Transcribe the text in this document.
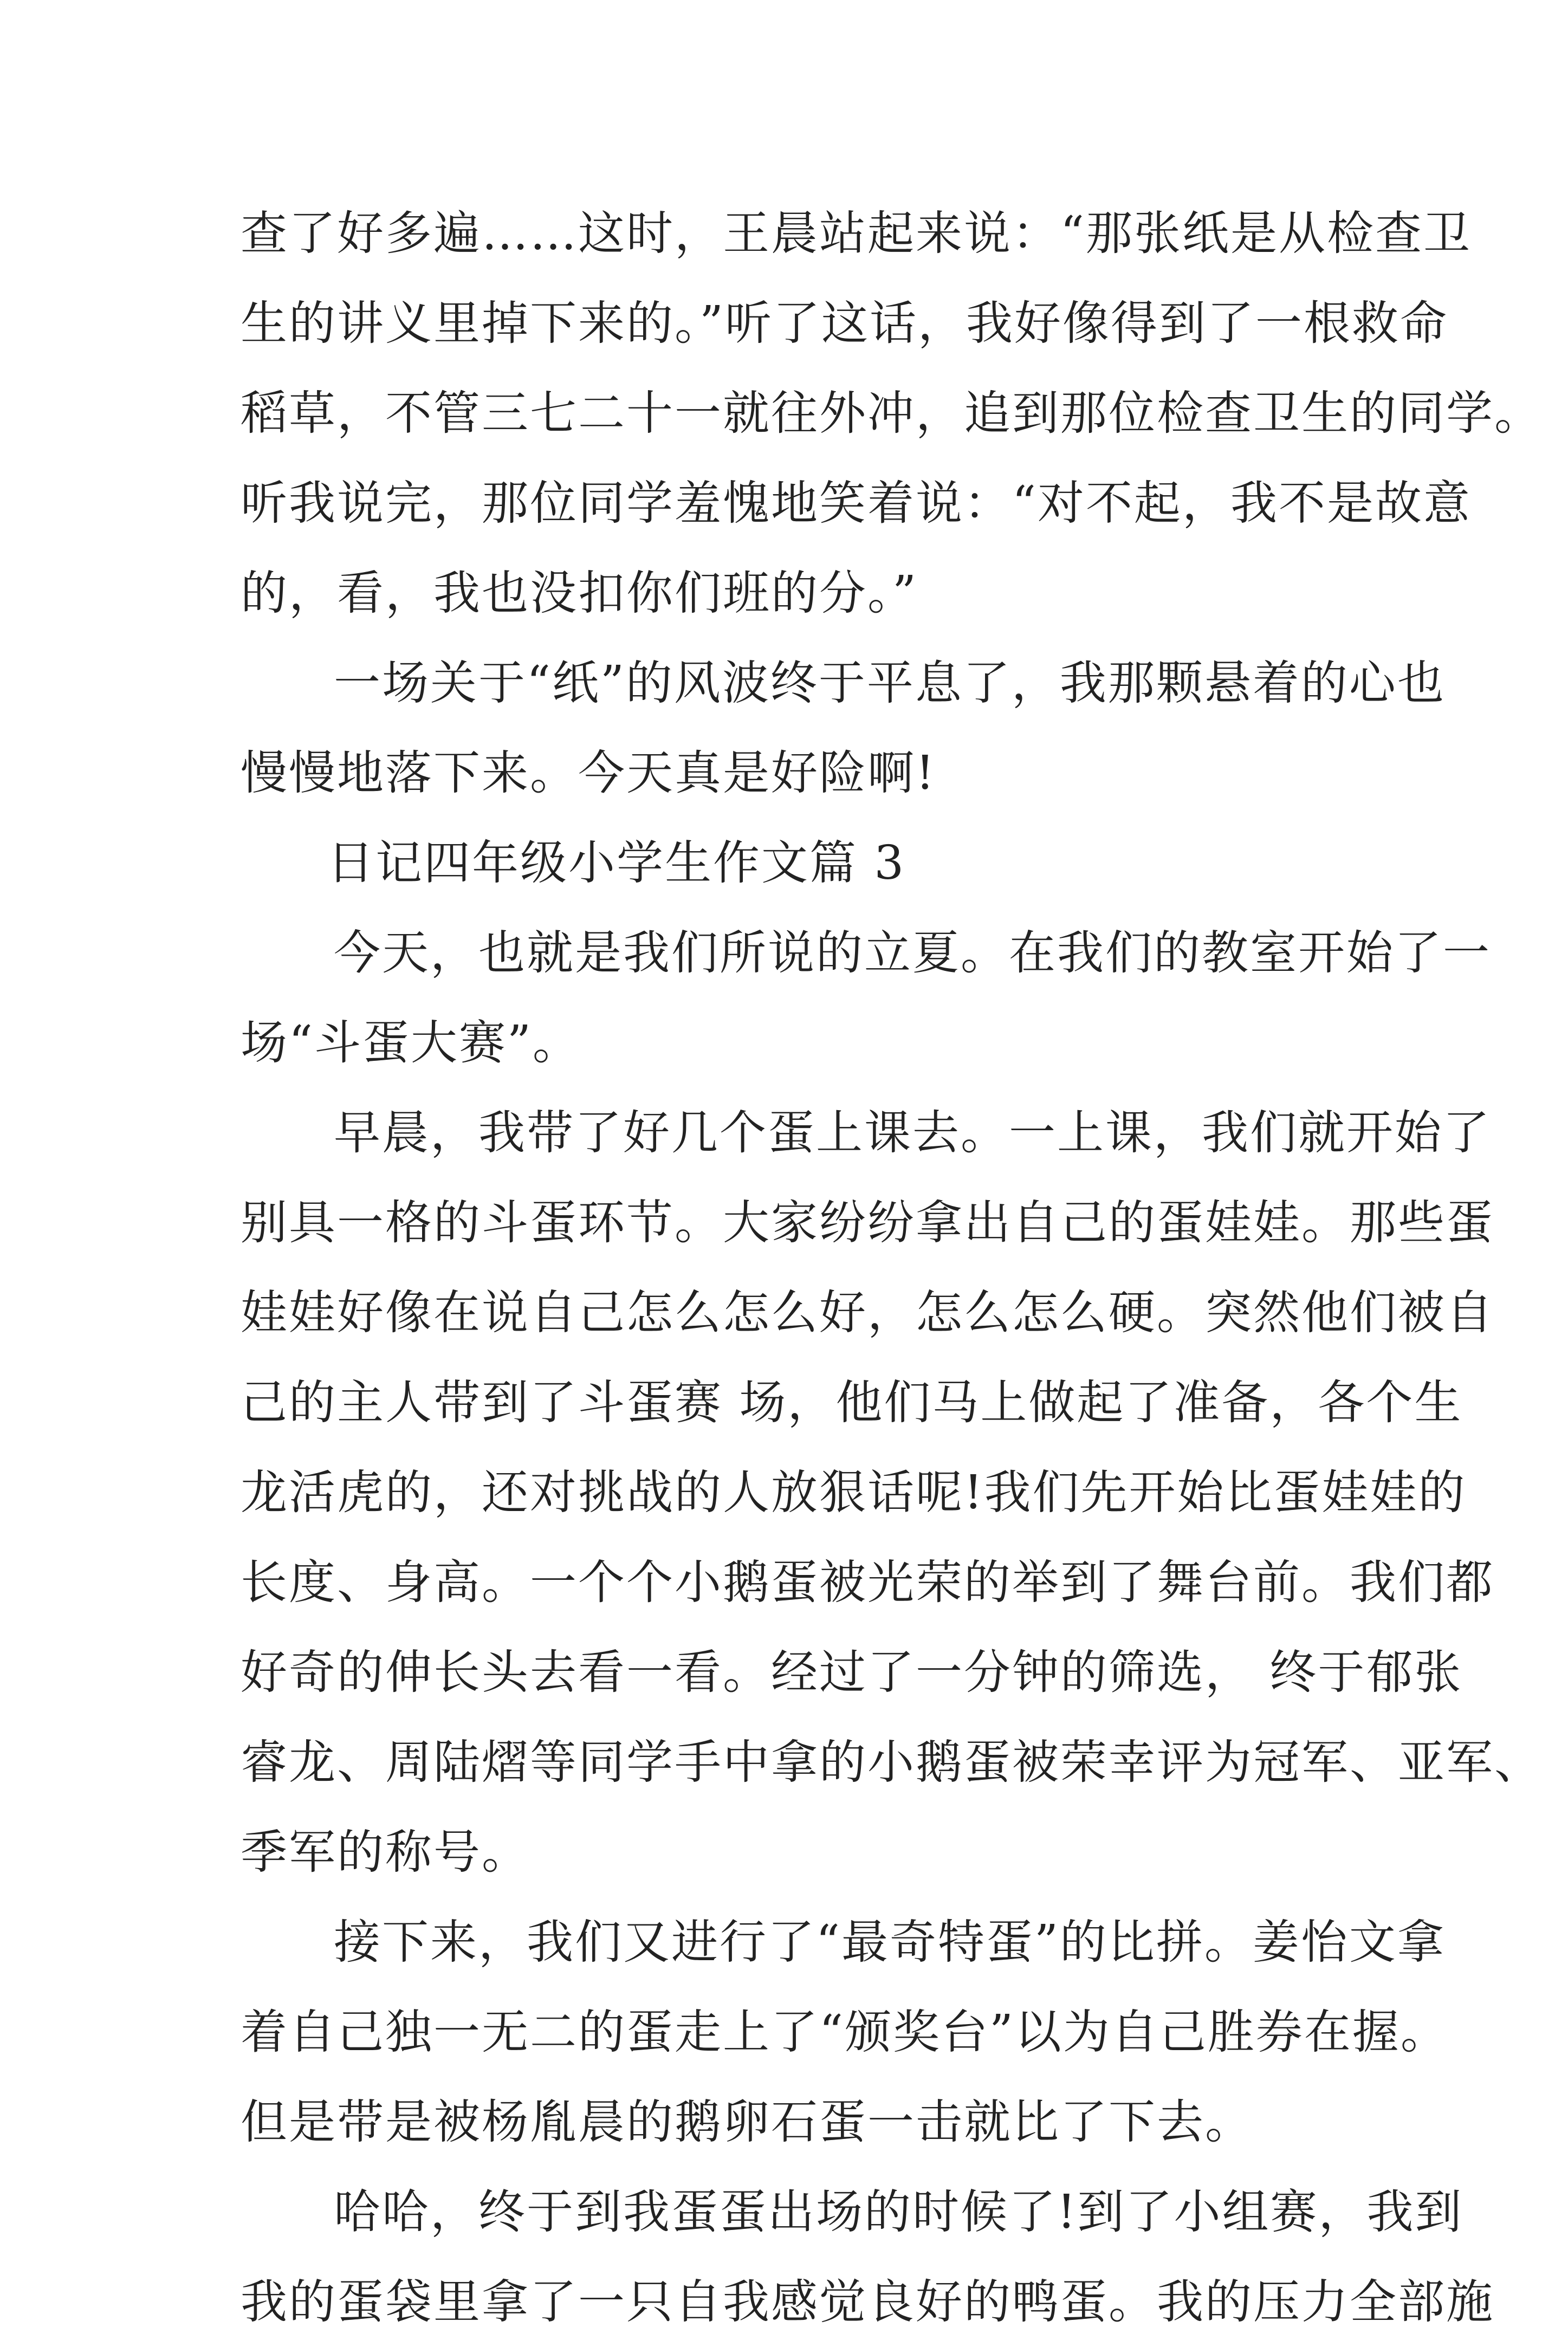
查了好多遍……这时，王晨站起来说：“那张纸是从检查卫
生的讲义里掉下来的。”听了这话，我好像得到了一根救命
稻草，不管三七二十一就往外冲，追到那位检查卫生的同学。
听我说完，那位同学羞愧地笑着说：“对不起，我不是故意
的，看，我也没扣你们班的分。”
一场关于“纸”的风波终于平息了，我那颗悬着的心也
慢慢地落下来。今天真是好险啊!
日记四年级小学生作文篇 3
今天，也就是我们所说的立夏。在我们的教室开始了一
场“斗蛋大赛”。
早晨，我带了好几个蛋上课去。一上课，我们就开始了
别具一格的斗蛋环节。大家纷纷拿出自己的蛋娃娃。那些蛋
娃娃好像在说自己怎么怎么好，怎么怎么硬。突然他们被自
己的主人带到了斗蛋赛 场，他们马上做起了准备，各个生
龙活虎的，还对挑战的人放狠话呢!我们先开始比蛋娃娃的
长度、身高。一个个小鹅蛋被光荣的举到了舞台前。我们都
好奇的伸长头去看一看。经过了一分钟的筛选， 终于郁张
睿龙、周陆熠等同学手中拿的小鹅蛋被荣幸评为冠军、亚军、
季军的称号。
接下来，我们又进行了“最奇特蛋”的比拼。姜怡文拿
着自己独一无二的蛋走上了“颁奖台”以为自己胜券在握。
但是带是被杨胤晨的鹅卵石蛋一击就比了下去。
哈哈，终于到我蛋蛋出场的时候了!到了小组赛，我到
我的蛋袋里拿了一只自我感觉良好的鸭蛋。我的压力全部施
